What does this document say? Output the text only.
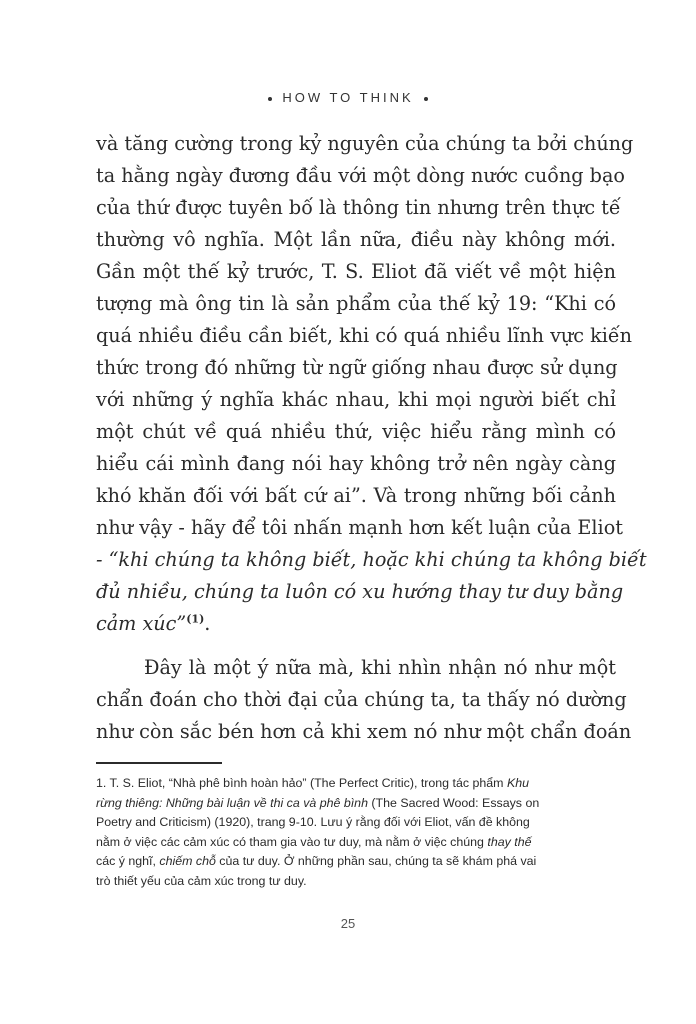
HOW TO THINK
và tăng cường trong kỷ nguyên của chúng ta bởi chúng
ta hằng ngày đương đầu với một dòng nước cuồng bạo
của thứ được tuyên bố là thông tin nhưng trên thực tế
thường vô nghĩa. Một lần nữa, điều này không mới.
Gần một thế kỷ trước, T. S. Eliot đã viết về một hiện
tượng mà ông tin là sản phẩm của thế kỷ 19: “Khi có
quá nhiều điều cần biết, khi có quá nhiều lĩnh vực kiến
thức trong đó những từ ngữ giống nhau được sử dụng
với những ý nghĩa khác nhau, khi mọi người biết chỉ
một chút về quá nhiều thứ, việc hiểu rằng mình có
hiểu cái mình đang nói hay không trở nên ngày càng
khó khăn đối với bất cứ ai”. Và trong những bối cảnh
như vậy - hãy để tôi nhấn mạnh hơn kết luận của Eliot
- “khi chúng ta không biết, hoặc khi chúng ta không biết
đủ nhiều, chúng ta luôn có xu hướng thay tư duy bằng
cảm xúc”$^{(1)}$.
Đây là một ý nữa mà, khi nhìn nhận nó như một
chẩn đoán cho thời đại của chúng ta, ta thấy nó dường
như còn sắc bén hơn cả khi xem nó như một chẩn đoán
1. T. S. Eliot, “Nhà phê bình hoàn hảo” (The Perfect Critic), trong tác phẩm Khu
rừng thiêng: Những bài luận về thi ca và phê bình (The Sacred Wood: Essays on
Poetry and Criticism) (1920), trang 9-10. Lưu ý rằng đối với Eliot, vấn đề không
nằm ở việc các cảm xúc có tham gia vào tư duy, mà nằm ở việc chúng thay thế
các ý nghĩ, chiếm chỗ của tư duy. Ở những phần sau, chúng ta sẽ khám phá vai
trò thiết yếu của cảm xúc trong tư duy.
25
